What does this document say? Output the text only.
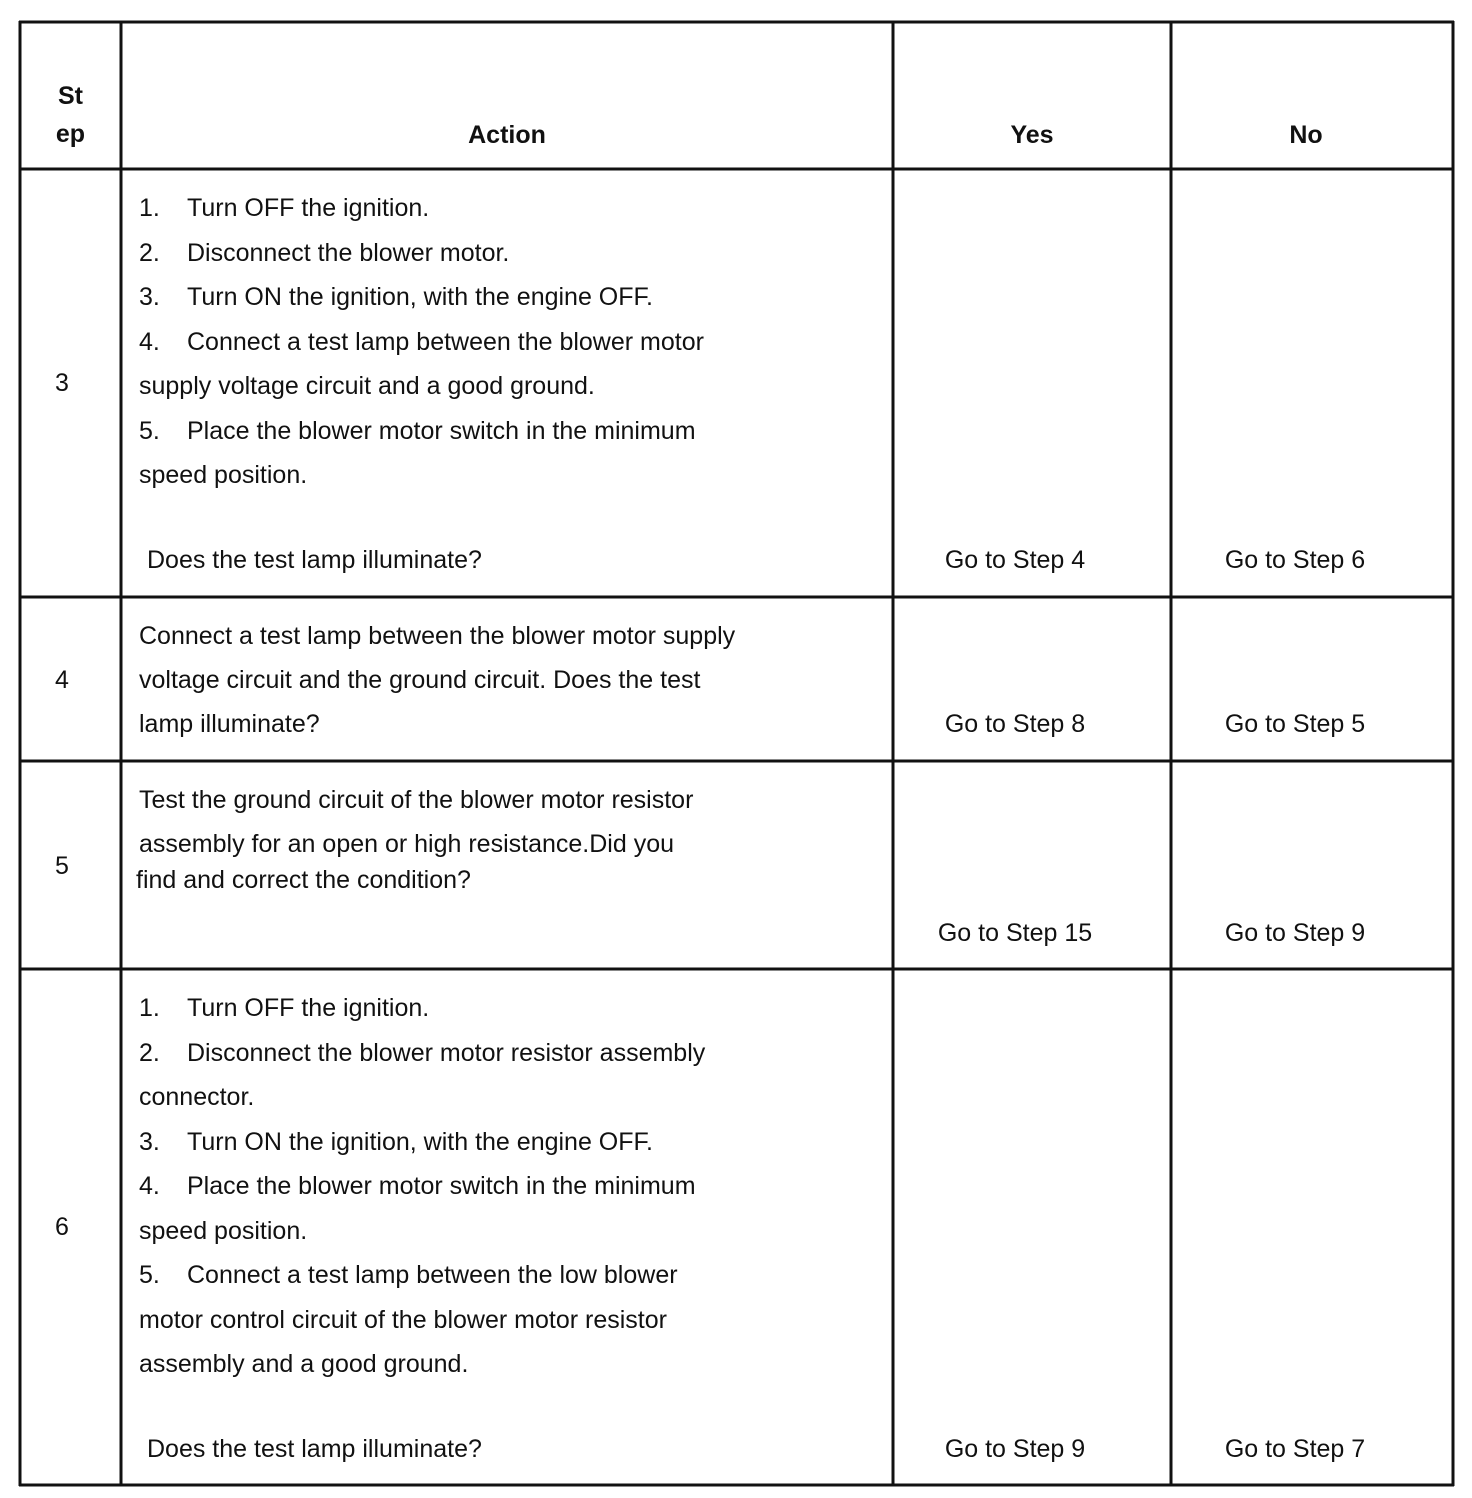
St
ep	Action	Yes	No
3
1. Turn OFF the ignition.
2. Disconnect the blower motor.
3. Turn ON the ignition, with the engine OFF.
4. Connect a test lamp between the blower motor
supply voltage circuit and a good ground.
5. Place the blower motor switch in the minimum
speed position.
Does the test lamp illuminate?	Go to Step 4	Go to Step 6
4
Connect a test lamp between the blower motor supply
voltage circuit and the ground circuit. Does the test
lamp illuminate?	Go to Step 8	Go to Step 5
5
Test the ground circuit of the blower motor resistor
assembly for an open or high resistance.Did you
find and correct the condition?
Go to Step 15	Go to Step 9
6
1. Turn OFF the ignition.
2. Disconnect the blower motor resistor assembly
connector.
3. Turn ON the ignition, with the engine OFF.
4. Place the blower motor switch in the minimum
speed position.
5. Connect a test lamp between the low blower
motor control circuit of the blower motor resistor
assembly and a good ground.
Does the test lamp illuminate?	Go to Step 9	Go to Step 7
